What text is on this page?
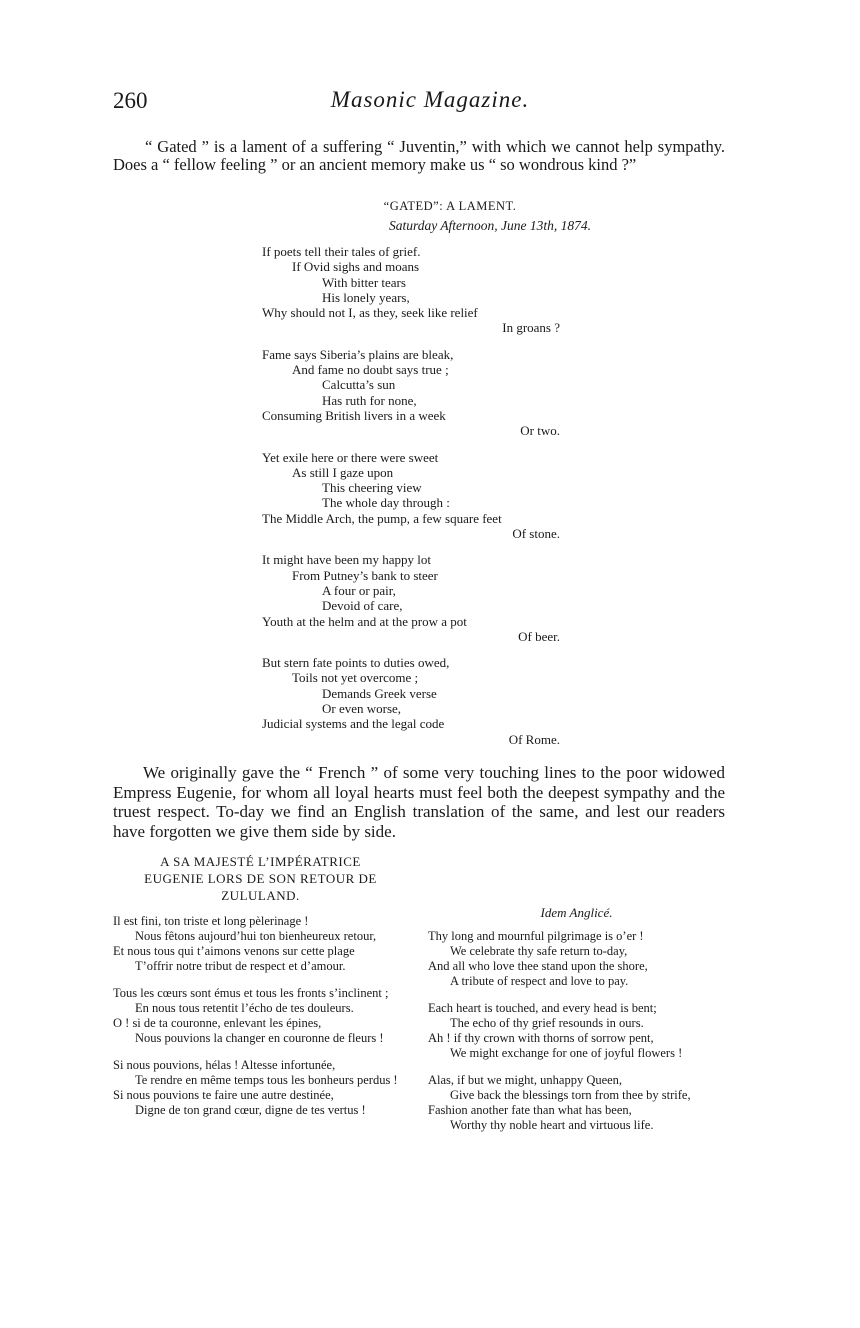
260	Masonic Magazine.

“ Gated ” is a lament of a suffering “ Juventin,” with which we cannot help sympathy. Does a “ fellow feeling ” or an ancient memory make us “ so wondrous kind ?”

“GATED”: A LAMENT.
Saturday Afternoon, June 13th, 1874.
If poets tell their tales of grief.
If Ovid sighs and moans
With bitter tears
His lonely years,
Why should not I, as they, seek like relief
In groans ?
Fame says Siberia’s plains are bleak,
And fame no doubt says true ;
Calcutta’s sun
Has ruth for none,
Consuming British livers in a week
Or two.
Yet exile here or there were sweet
As still I gaze upon
This cheering view
The whole day through :
The Middle Arch, the pump, a few square feet
Of stone.
It might have been my happy lot
From Putney’s bank to steer
A four or pair,
Devoid of care,
Youth at the helm and at the prow a pot
Of beer.
But stern fate points to duties owed,
Toils not yet overcome ;
Demands Greek verse
Or even worse,
Judicial systems and the legal code
Of Rome.

We originally gave the “ French ” of some very touching lines to the poor widowed Empress Eugenie, for whom all loyal hearts must feel both the deepest sympathy and the truest respect. To-day we find an English translation of the same, and lest our readers have forgotten we give them side by side.

A SA MAJESTÉ L’IMPÉRATRICE
EUGENIE LORS DE SON RETOUR DE
ZULULAND.
Il est fini, ton triste et long pèlerinage !
Nous fêtons aujourd’hui ton bienheureux retour,
Et nous tous qui t’aimons venons sur cette plage
T’offrir notre tribut de respect et d’amour.
Tous les cœurs sont émus et tous les fronts s’inclinent ;
En nous tous retentit l’écho de tes douleurs.
O ! si de ta couronne, enlevant les épines,
Nous pouvions la changer en couronne de fleurs !
Si nous pouvions, hélas ! Altesse infortunée,
Te rendre en même temps tous les bonheurs perdus !
Si nous pouvions te faire une autre destinée,
Digne de ton grand cœur, digne de tes vertus !
Idem Anglicé.
Thy long and mournful pilgrimage is o’er !
We celebrate thy safe return to-day,
And all who love thee stand upon the shore,
A tribute of respect and love to pay.
Each heart is touched, and every head is bent;
The echo of thy grief resounds in ours.
Ah ! if thy crown with thorns of sorrow pent,
We might exchange for one of joyful flowers !
Alas, if but we might, unhappy Queen,
Give back the blessings torn from thee by strife,
Fashion another fate than what has been,
Worthy thy noble heart and virtuous life.
